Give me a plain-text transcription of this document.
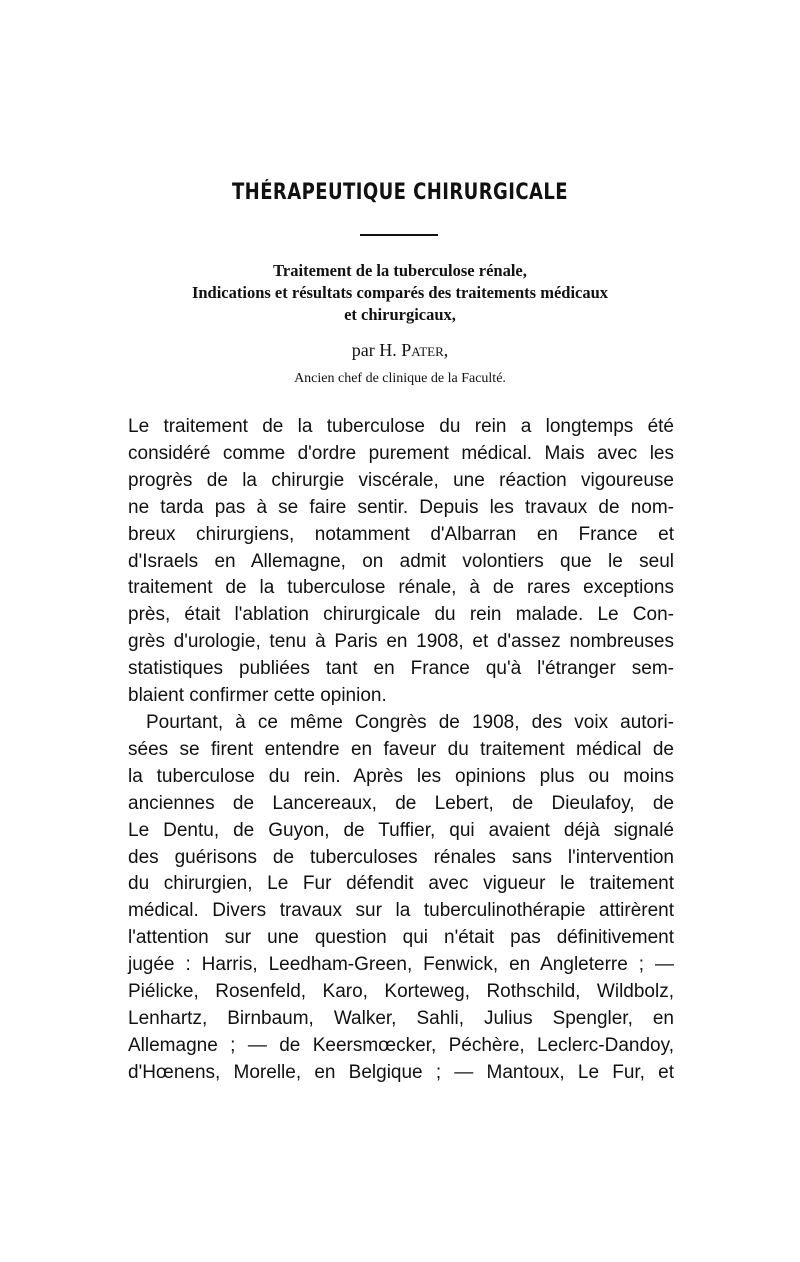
THÉRAPEUTIQUE CHIRURGICALE
Traitement de la tuberculose rénale,
Indications et résultats comparés des traitements médicaux
et chirurgicaux,

par H. Pater,

Ancien chef de clinique de la Faculté.

Le traitement de la tuberculose du rein a longtemps été
considéré comme d'ordre purement médical. Mais avec les
progrès de la chirurgie viscérale, une réaction vigoureuse
ne tarda pas à se faire sentir. Depuis les travaux de nom-
breux chirurgiens, notamment d'Albarran en France et
d'Israels en Allemagne, on admit volontiers que le seul
traitement de la tuberculose rénale, à de rares exceptions
près, était l'ablation chirurgicale du rein malade. Le Con-
grès d'urologie, tenu à Paris en 1908, et d'assez nombreuses
statistiques publiées tant en France qu'à l'étranger sem-
blaient confirmer cette opinion.
Pourtant, à ce même Congrès de 1908, des voix autori-
sées se firent entendre en faveur du traitement médical de
la tuberculose du rein. Après les opinions plus ou moins
anciennes de Lancereaux, de Lebert, de Dieulafoy, de
Le Dentu, de Guyon, de Tuffier, qui avaient déjà signalé
des guérisons de tuberculoses rénales sans l'intervention
du chirurgien, Le Fur défendit avec vigueur le traitement
médical. Divers travaux sur la tuberculinothérapie attirèrent
l'attention sur une question qui n'était pas définitivement
jugée : Harris, Leedham-Green, Fenwick, en Angleterre ; —
Piélicke, Rosenfeld, Karo, Korteweg, Rothschild, Wildbolz,
Lenhartz, Birnbaum, Walker, Sahli, Julius Spengler, en
Allemagne ; — de Keersmœcker, Péchère, Leclerc-Dandoy,
d'Hœnens, Morelle, en Belgique ; — Mantoux, Le Fur, et
